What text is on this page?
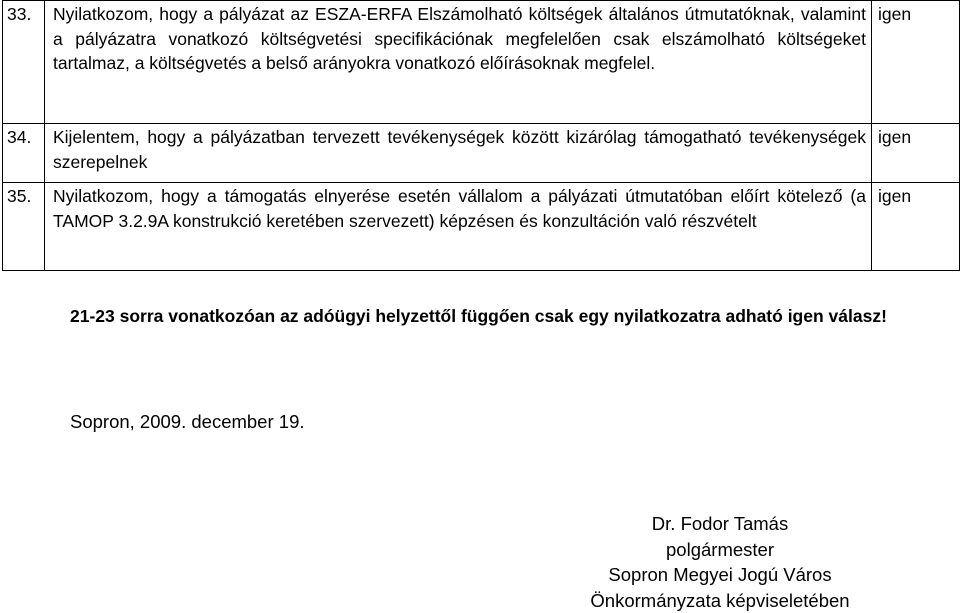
33.	Nyilatkozom, hogy a pályázat az ESZA-ERFA Elszámolható költségek általános útmutatóknak, valamint a pályázatra vonatkozó költségvetési specifikációnak megfelelően csak elszámolható költségeket tartalmaz, a költségvetés a belső arányokra vonatkozó előírásoknak megfelel.	igen
34.	Kijelentem, hogy a pályázatban tervezett tevékenységek között kizárólag támogatható tevékenységek szerepelnek	igen
35.	Nyilatkozom, hogy a támogatás elnyerése esetén vállalom a pályázati útmutatóban előírt kötelező (a TAMOP 3.2.9A konstrukció keretében szervezett) képzésen és konzultáción való részvételt	igen
21-23 sorra vonatkozóan az adóügyi helyzettől függően csak egy nyilatkozatra adható igen válasz!
Sopron, 2009. december 19.
Dr. Fodor Tamás
polgármester
Sopron Megyei Jogú Város
Önkormányzata képviseletében
